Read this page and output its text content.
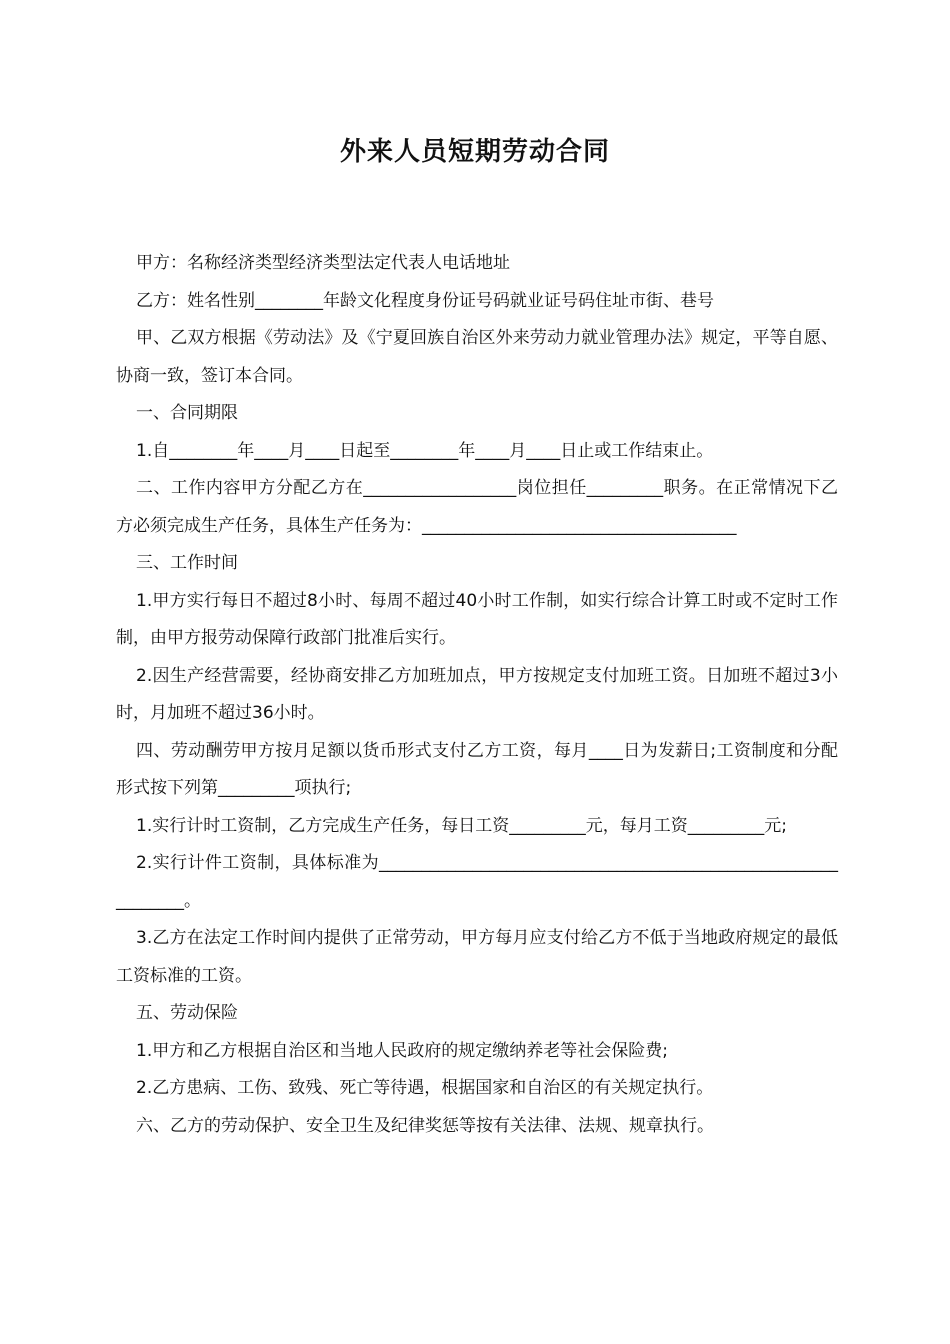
外来人员短期劳动合同

甲方：名称经济类型经济类型法定代表人电话地址

乙方：姓名性别________年龄文化程度身份证号码就业证号码住址市街、巷号

甲、乙双方根据《劳动法》及《宁夏回族自治区外来劳动力就业管理办法》规定，平等自愿、协商一致，签订本合同。

一、合同期限

1.自________年____月____日起至________年____月____日止或工作结束止。

二、工作内容甲方分配乙方在__________________岗位担任_________职务。在正常情况下乙方必须完成生产任务，具体生产任务为：_____________________________________

三、工作时间

1.甲方实行每日不超过8小时、每周不超过40小时工作制，如实行综合计算工时或不定时工作制，由甲方报劳动保障行政部门批准后实行。

2.因生产经营需要，经协商安排乙方加班加点，甲方按规定支付加班工资。日加班不超过3小时，月加班不超过36小时。

四、劳动酬劳甲方按月足额以货币形式支付乙方工资，每月____日为发薪日;工资制度和分配形式按下列第_________项执行;

1.实行计时工资制，乙方完成生产任务，每日工资_________元，每月工资_________元;

2.实行计件工资制，具体标准为______________________________________________________________。

3.乙方在法定工作时间内提供了正常劳动，甲方每月应支付给乙方不低于当地政府规定的最低工资标准的工资。

五、劳动保险

1.甲方和乙方根据自治区和当地人民政府的规定缴纳养老等社会保险费;

2.乙方患病、工伤、致残、死亡等待遇，根据国家和自治区的有关规定执行。

六、乙方的劳动保护、安全卫生及纪律奖惩等按有关法律、法规、规章执行。
